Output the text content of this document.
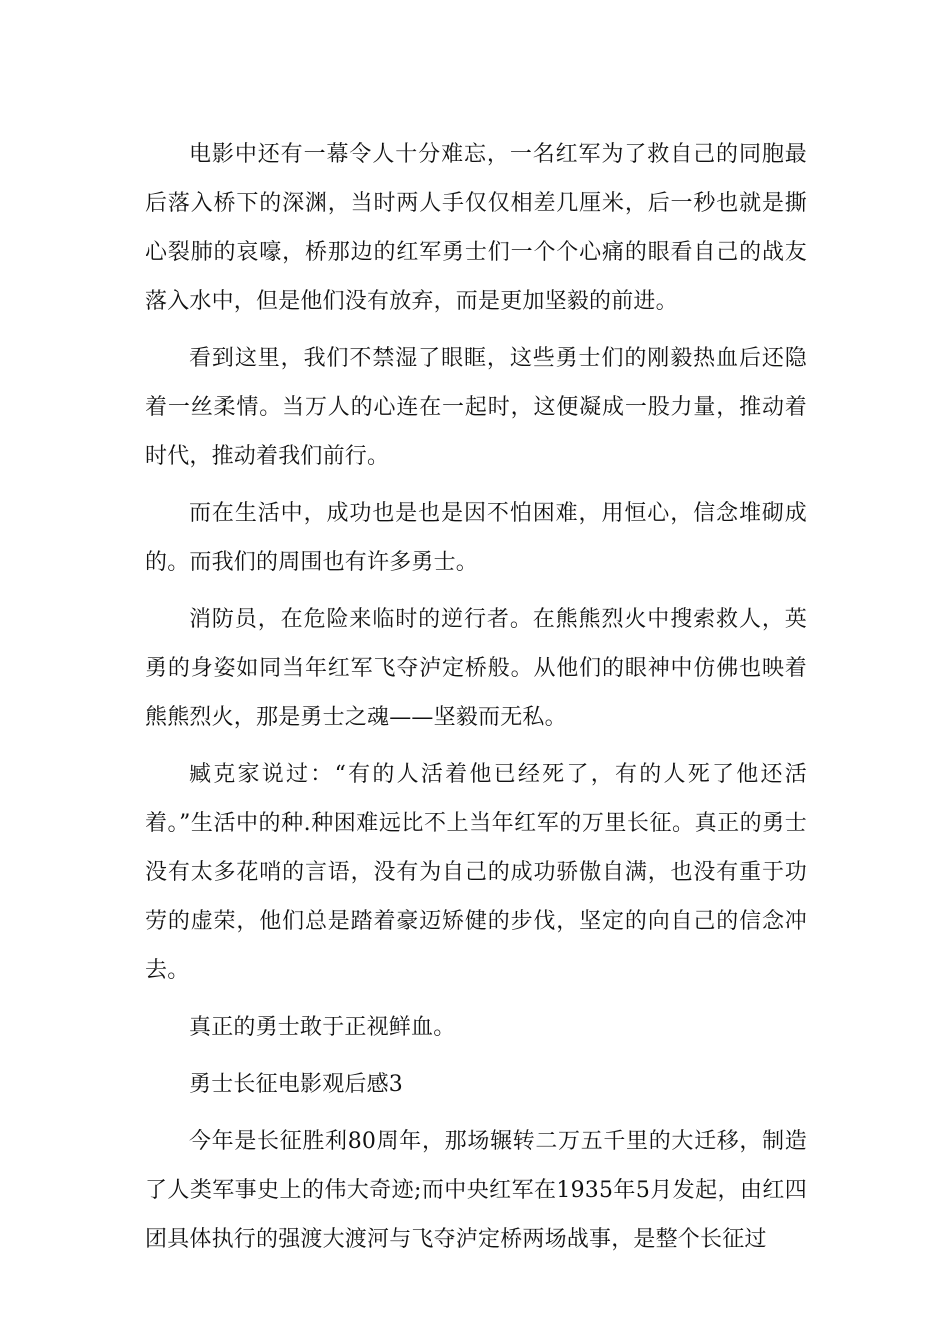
电影中还有一幕令人十分难忘，一名红军为了救自己的同胞最后落入桥下的深渊，当时两人手仅仅相差几厘米，后一秒也就是撕心裂肺的哀嚎，桥那边的红军勇士们一个个心痛的眼看自己的战友落入水中，但是他们没有放弃，而是更加坚毅的前进。

看到这里，我们不禁湿了眼眶，这些勇士们的刚毅热血后还隐着一丝柔情。当万人的心连在一起时，这便凝成一股力量，推动着时代，推动着我们前行。

而在生活中，成功也是也是因不怕困难，用恒心，信念堆砌成的。而我们的周围也有许多勇士。

消防员，在危险来临时的逆行者。在熊熊烈火中搜索救人，英勇的身姿如同当年红军飞夺泸定桥般。从他们的眼神中仿佛也映着熊熊烈火，那是勇士之魂——坚毅而无私。

臧克家说过：“有的人活着他已经死了，有的人死了他还活着。”生活中的种.种困难远比不上当年红军的万里长征。真正的勇士没有太多花哨的言语，没有为自己的成功骄傲自满，也没有重于功劳的虚荣，他们总是踏着豪迈矫健的步伐，坚定的向自己的信念冲去。

真正的勇士敢于正视鲜血。

勇士长征电影观后感3

今年是长征胜利80周年，那场辗转二万五千里的大迁移，制造了人类军事史上的伟大奇迹;而中央红军在1935年5月发起，由红四团具体执行的强渡大渡河与飞夺泸定桥两场战事，是整个长征过
